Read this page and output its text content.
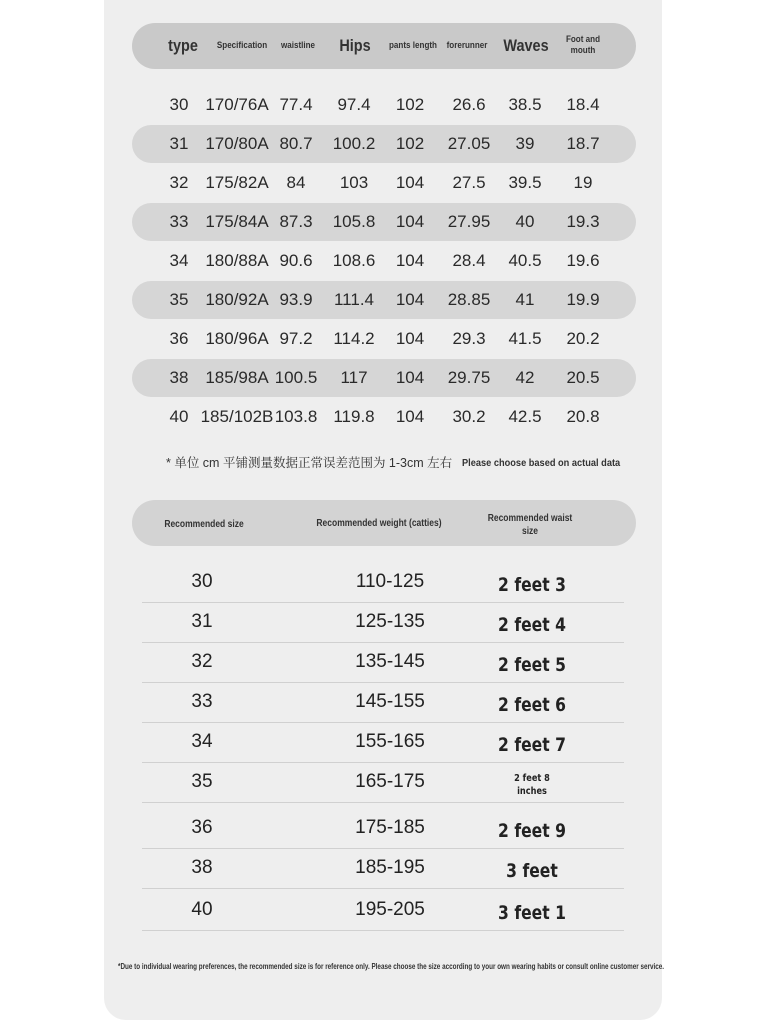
type Specification waistline Hips pants length forerunner Waves Foot and mouth
30 170/76A 77.4 97.4 102 26.6 38.5 18.4
31 170/80A 80.7 100.2 102 27.05 39 18.7
32 175/82A 84 103 104 27.5 39.5 19
33 175/84A 87.3 105.8 104 27.95 40 19.3
34 180/88A 90.6 108.6 104 28.4 40.5 19.6
35 180/92A 93.9 111.4 104 28.85 41 19.9
36 180/96A 97.2 114.2 104 29.3 41.5 20.2
38 185/98A 100.5 117 104 29.75 42 20.5
40 185/102B 103.8 119.8 104 30.2 42.5 20.8
* 单位 cm 平铺测量数据正常误差范围为 1-3cm 左右 Please choose based on actual data
Recommended size	Recommended weight (catties)	Recommended waist size
30	110-125	2 feet 3
31	125-135	2 feet 4
32	135-145	2 feet 5
33	145-155	2 feet 6
34	155-165	2 feet 7
35	165-175	2 feet 8 inches
36	175-185	2 feet 9
38	185-195	3 feet
40	195-205	3 feet 1
*Due to individual wearing preferences, the recommended size is for reference only. Please choose the size according to your own wearing habits or consult online customer service.
